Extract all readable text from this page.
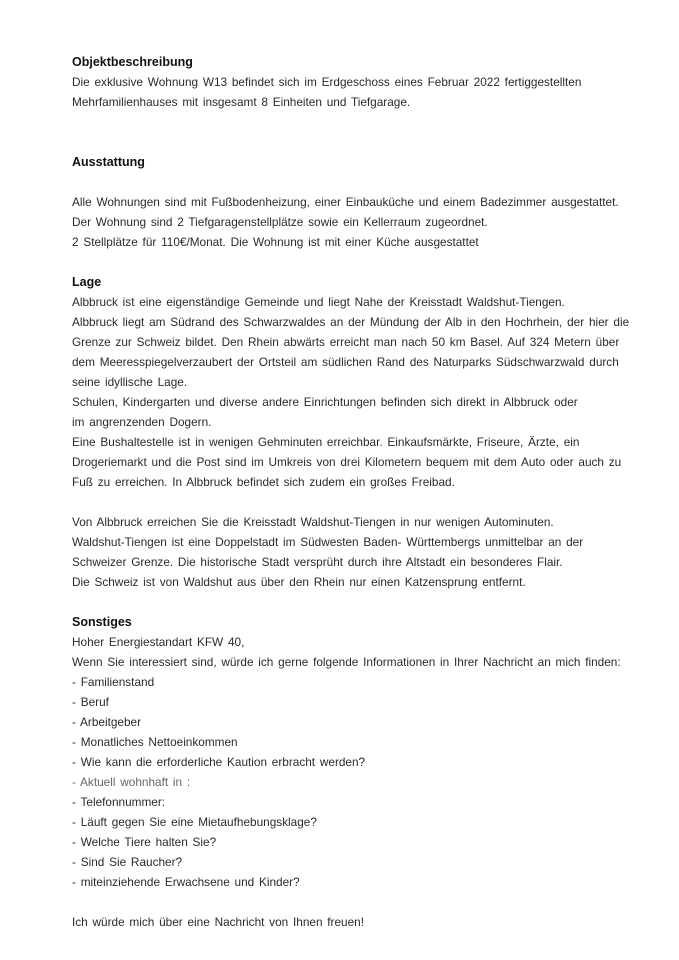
Objektbeschreibung

Die exklusive Wohnung W13 befindet sich im Erdgeschoss eines Februar 2022 fertiggestellten

Mehrfamilienhauses mit insgesamt 8 Einheiten und Tiefgarage.

Ausstattung

Alle Wohnungen sind mit Fußbodenheizung, einer Einbauküche und einem Badezimmer ausgestattet.

Der Wohnung sind 2 Tiefgaragenstellplätze sowie ein Kellerraum zugeordnet.

2 Stellplätze für 110€/Monat. Die Wohnung ist mit einer Küche ausgestattet

Lage

Albbruck ist eine eigenständige Gemeinde und liegt Nahe der Kreisstadt Waldshut-Tiengen.

Albbruck liegt am Südrand des Schwarzwaldes an der Mündung der Alb in den Hochrhein, der hier die

Grenze zur Schweiz bildet. Den Rhein abwärts erreicht man nach 50 km Basel. Auf 324 Metern über

dem Meeresspiegelverzaubert der Ortsteil am südlichen Rand des Naturparks Südschwarzwald durch

seine idyllische Lage.

Schulen, Kindergarten und diverse andere Einrichtungen befinden sich direkt in Albbruck oder

im angrenzenden Dogern.

Eine Bushaltestelle ist in wenigen Gehminuten erreichbar. Einkaufsmärkte, Friseure, Ärzte, ein

Drogeriemarkt und die Post sind im Umkreis von drei Kilometern bequem mit dem Auto oder auch zu

Fuß zu erreichen. In Albbruck befindet sich zudem ein großes Freibad.

Von Albbruck erreichen Sie die Kreisstadt Waldshut-Tiengen in nur wenigen Autominuten.

Waldshut-Tiengen ist eine Doppelstadt im Südwesten Baden- Württembergs unmittelbar an der

Schweizer Grenze. Die historische Stadt versprüht durch ihre Altstadt ein besonderes Flair.

Die Schweiz ist von Waldshut aus über den Rhein nur einen Katzensprung entfernt.

Sonstiges

Hoher Energiestandart KFW 40,

Wenn Sie interessiert sind, würde ich gerne folgende Informationen in Ihrer Nachricht an mich finden:

- Familienstand

- Beruf

- Arbeitgeber

- Monatliches Nettoeinkommen

- Wie kann die erforderliche Kaution erbracht werden?

- Aktuell wohnhaft in :

- Telefonnummer:

- Läuft gegen Sie eine Mietaufhebungsklage?

- Welche Tiere halten Sie?

- Sind Sie Raucher?

- miteinziehende Erwachsene und Kinder?

Ich würde mich über eine Nachricht von Ihnen freuen!
